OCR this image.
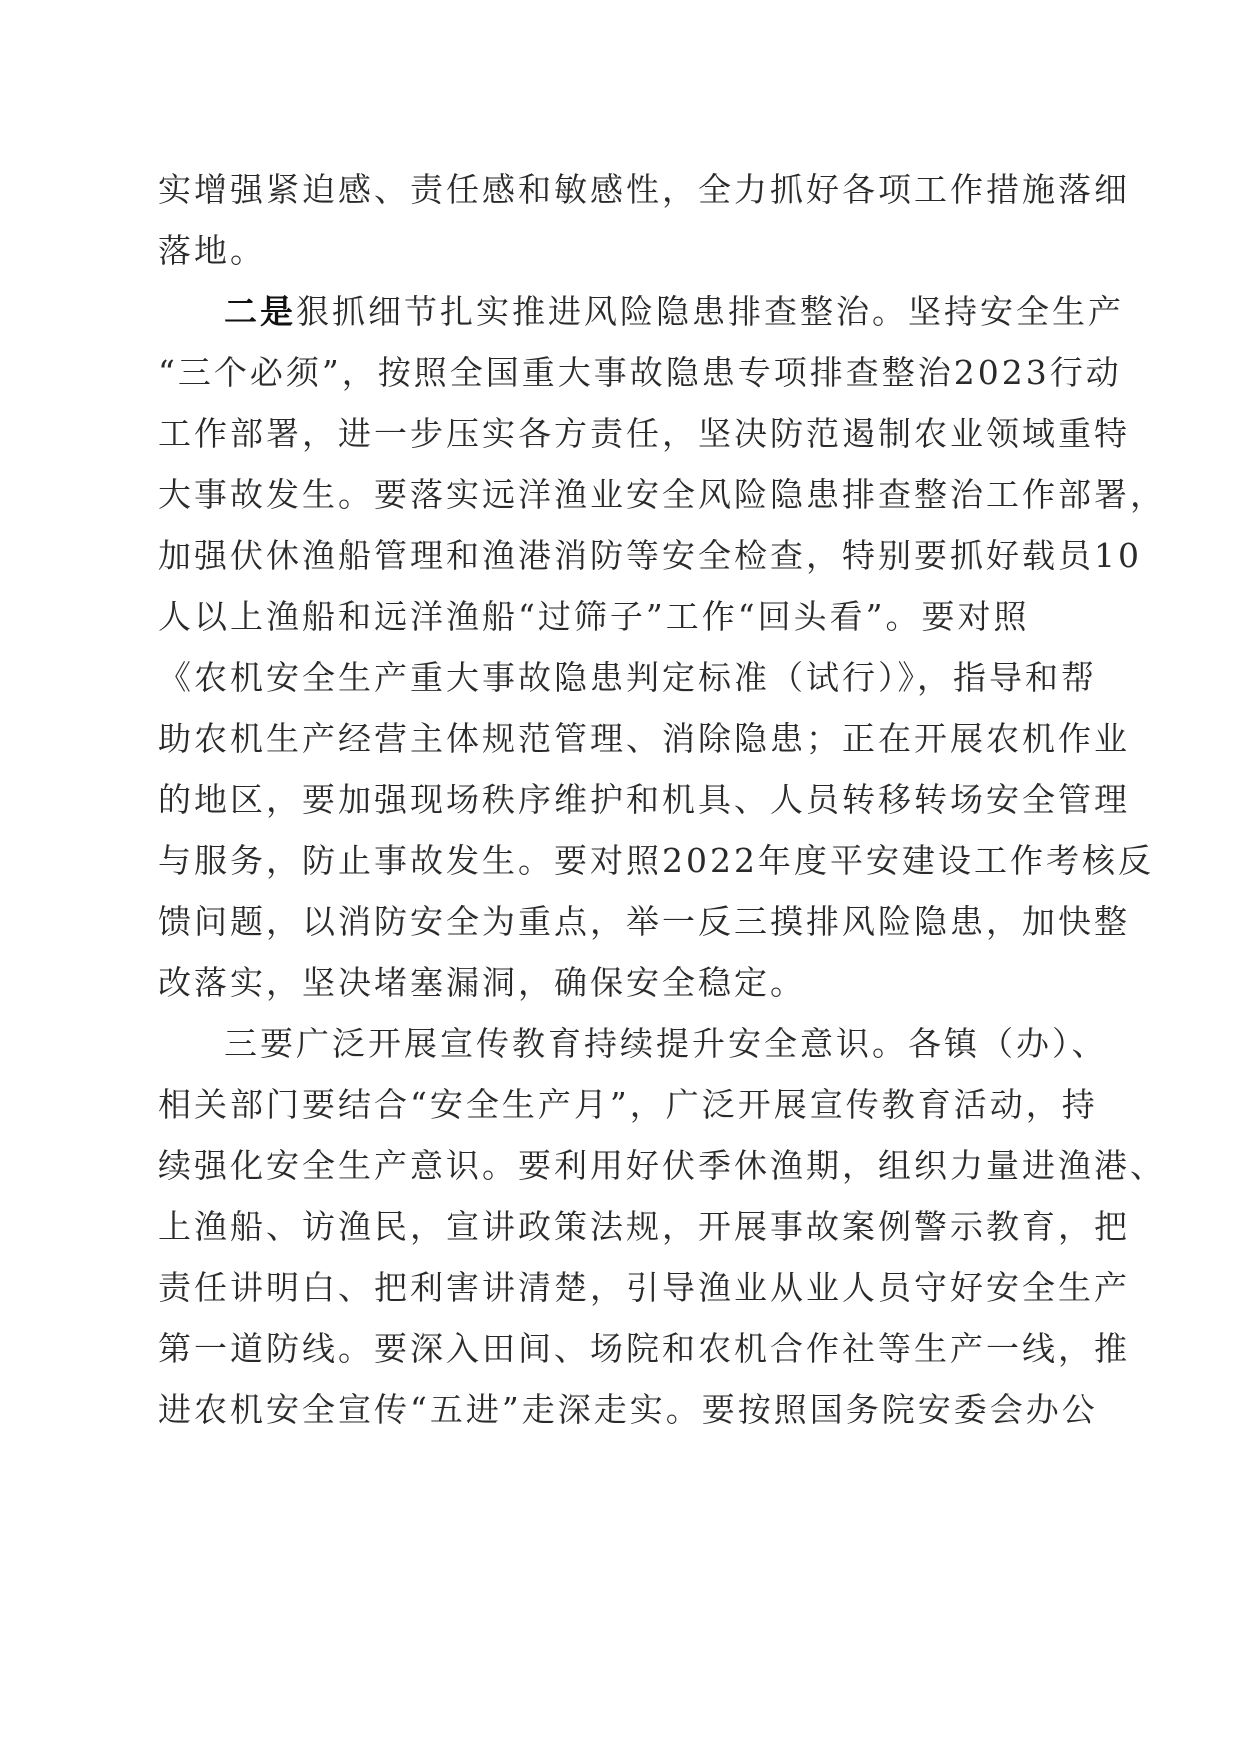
实增强紧迫感、责任感和敏感性，全力抓好各项工作措施落细
落地。
二是狠抓细节扎实推进风险隐患排查整治。坚持安全生产
“三个必须”，按照全国重大事故隐患专项排查整治2023行动
工作部署，进一步压实各方责任，坚决防范遏制农业领域重特
大事故发生。要落实远洋渔业安全风险隐患排查整治工作部署，
加强伏休渔船管理和渔港消防等安全检查，特别要抓好载员10
人以上渔船和远洋渔船“过筛子”工作“回头看”。要对照
《农机安全生产重大事故隐患判定标准（试行）》，指导和帮
助农机生产经营主体规范管理、消除隐患；正在开展农机作业
的地区，要加强现场秩序维护和机具、人员转移转场安全管理
与服务，防止事故发生。要对照2022年度平安建设工作考核反
馈问题，以消防安全为重点，举一反三摸排风险隐患，加快整
改落实，坚决堵塞漏洞，确保安全稳定。
三要广泛开展宣传教育持续提升安全意识。各镇（办）、
相关部门要结合“安全生产月”，广泛开展宣传教育活动，持
续强化安全生产意识。要利用好伏季休渔期，组织力量进渔港、
上渔船、访渔民，宣讲政策法规，开展事故案例警示教育，把
责任讲明白、把利害讲清楚，引导渔业从业人员守好安全生产
第一道防线。要深入田间、场院和农机合作社等生产一线，推
进农机安全宣传“五进”走深走实。要按照国务院安委会办公
